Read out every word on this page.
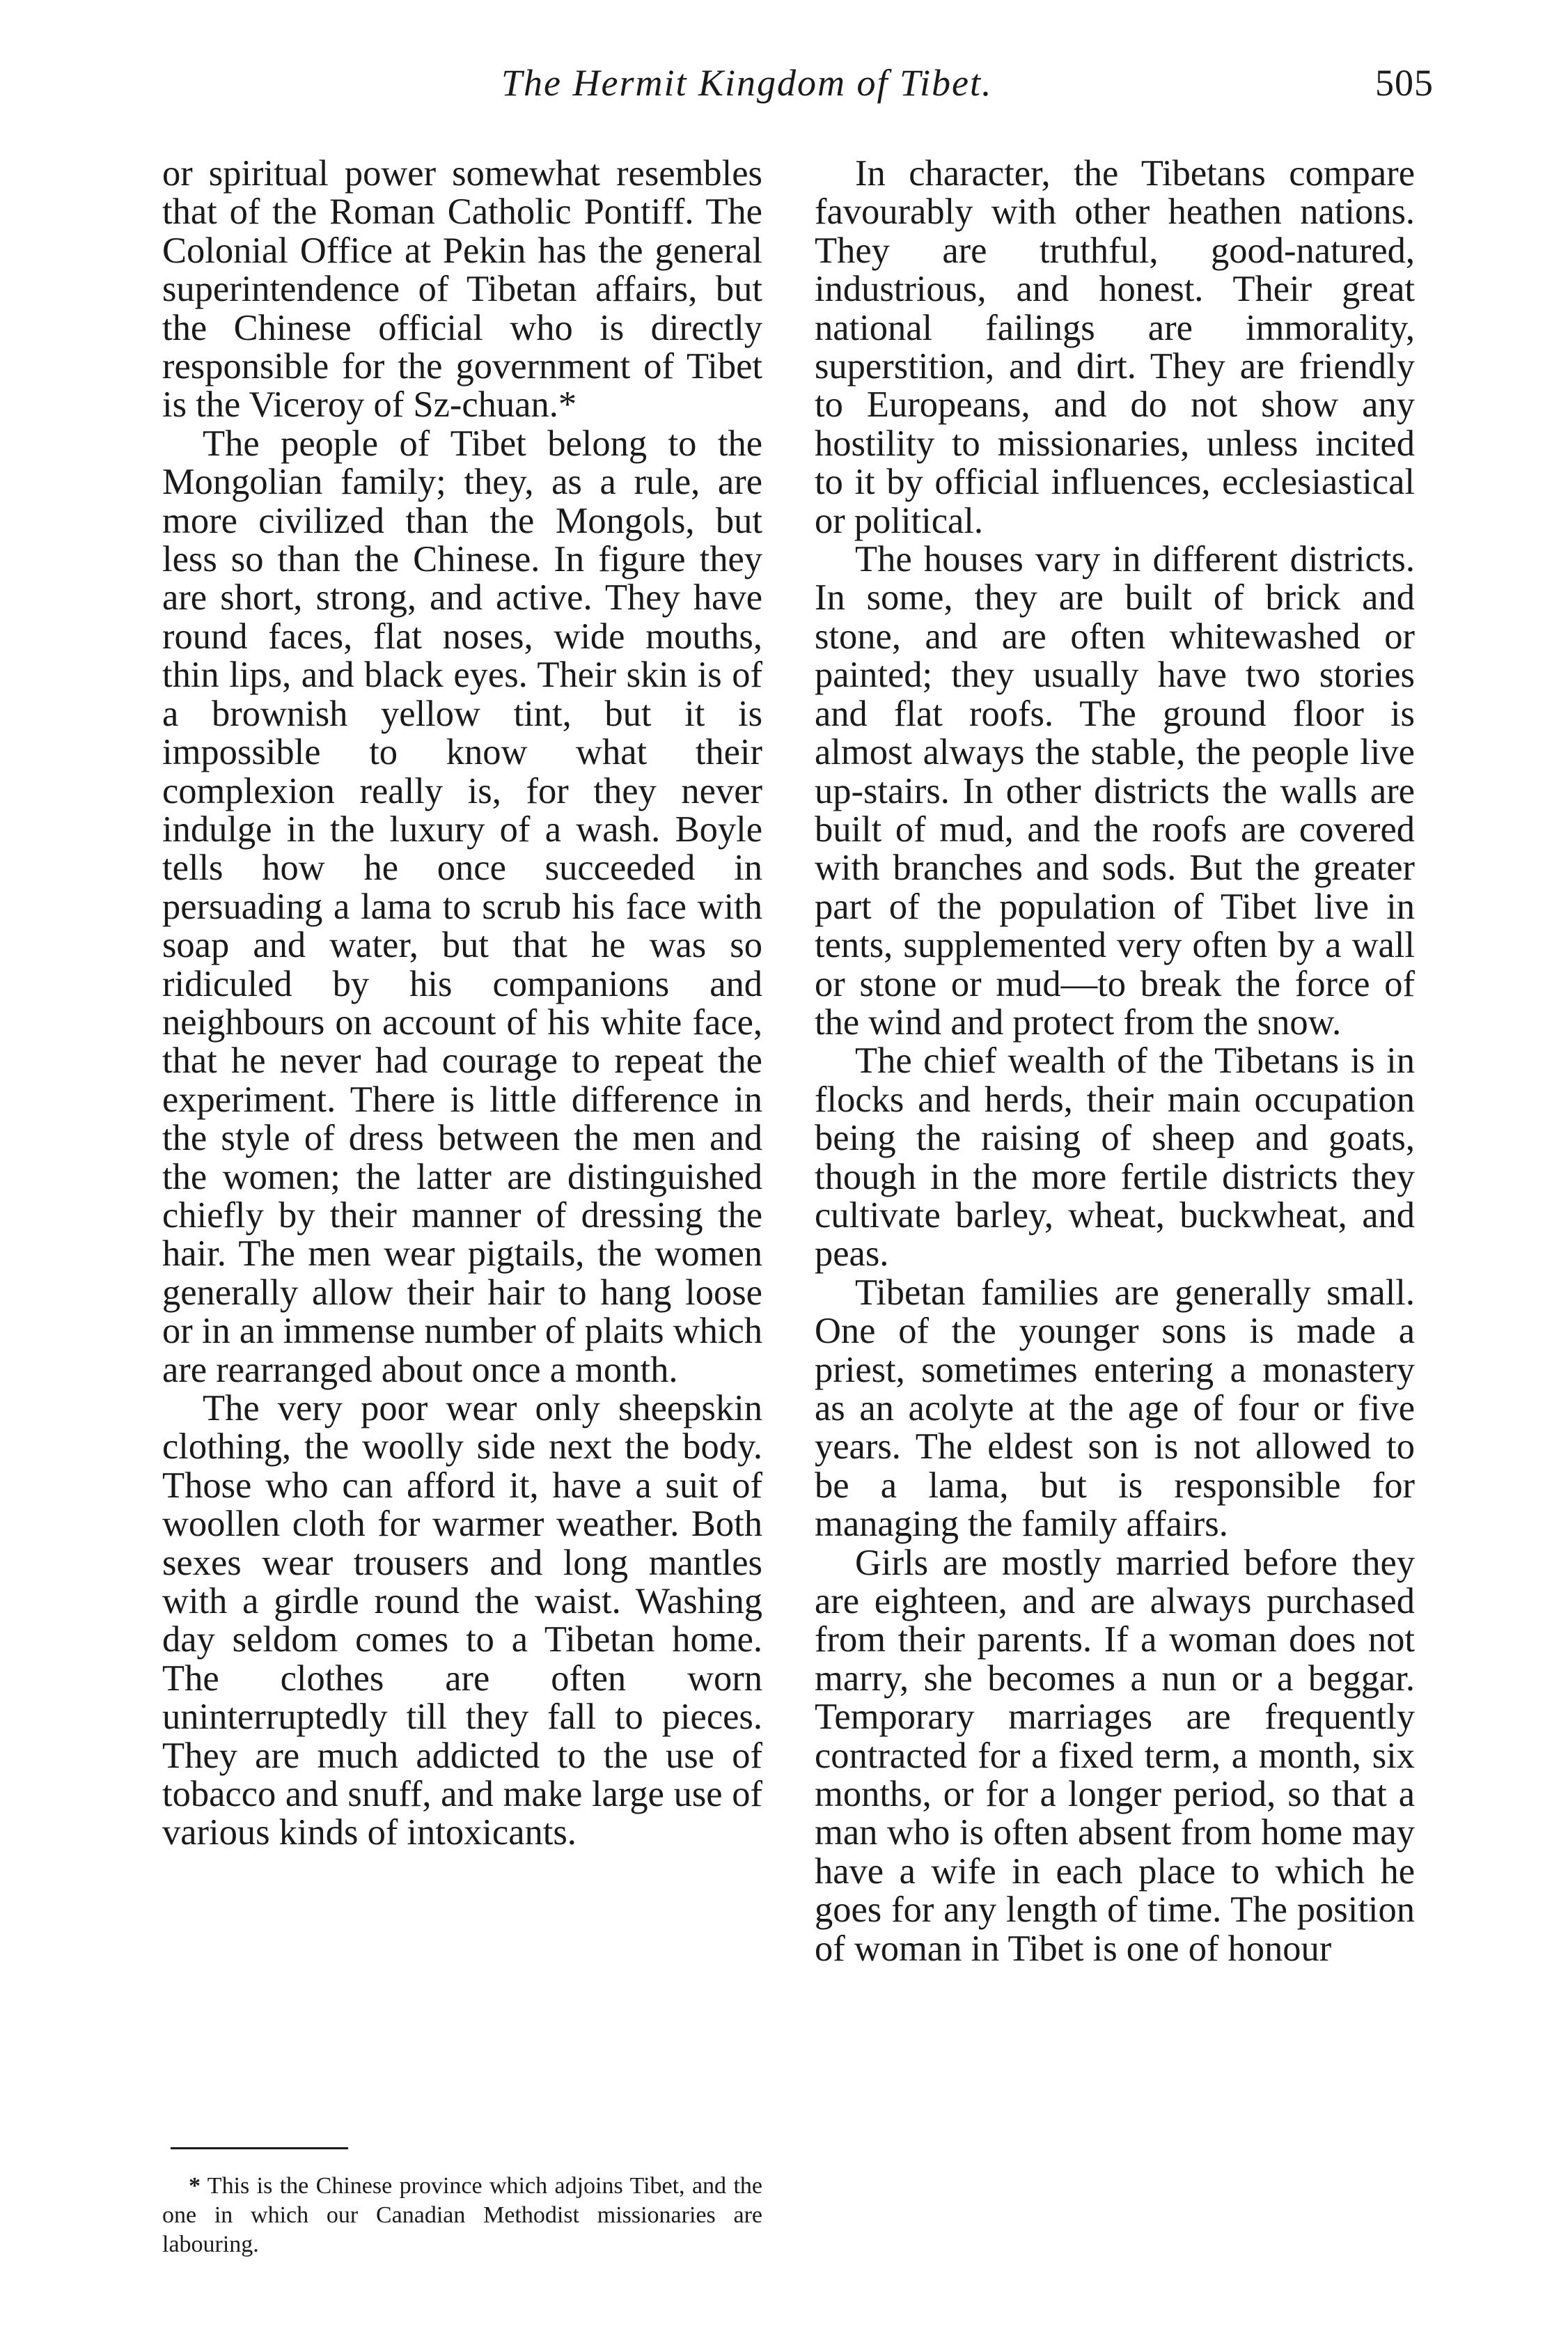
The Hermit Kingdom of Tibet.	505

or spiritual power somewhat resembles that of the Roman Catholic Pontiff. The Colonial Office at Pekin has the general superintendence of Tibetan affairs, but the Chinese official who is directly responsible for the government of Tibet is the Viceroy of Sz-chuan.*

The people of Tibet belong to the Mongolian family; they, as a rule, are more civilized than the Mongols, but less so than the Chinese. In figure they are short, strong, and active. They have round faces, flat noses, wide mouths, thin lips, and black eyes. Their skin is of a brownish yellow tint, but it is impossible to know what their complexion really is, for they never indulge in the luxury of a wash. Boyle tells how he once succeeded in persuading a lama to scrub his face with soap and water, but that he was so ridiculed by his companions and neighbours on account of his white face, that he never had courage to repeat the experiment. There is little difference in the style of dress between the men and the women; the latter are distinguished chiefly by their manner of dressing the hair. The men wear pigtails, the women generally allow their hair to hang loose or in an immense number of plaits which are rearranged about once a month.

The very poor wear only sheepskin clothing, the woolly side next the body. Those who can afford it, have a suit of woollen cloth for warmer weather. Both sexes wear trousers and long mantles with a girdle round the waist. Washing day seldom comes to a Tibetan home. The clothes are often worn uninterruptedly till they fall to pieces. They are much addicted to the use of tobacco and snuff, and make large use of various kinds of intoxicants.

In character, the Tibetans compare favourably with other heathen nations. They are truthful, good-natured, industrious, and honest. Their great national failings are immorality, superstition, and dirt. They are friendly to Europeans, and do not show any hostility to missionaries, unless incited to it by official influences, ecclesiastical or political.

The houses vary in different districts. In some, they are built of brick and stone, and are often whitewashed or painted; they usually have two stories and flat roofs. The ground floor is almost always the stable, the people live up-stairs. In other districts the walls are built of mud, and the roofs are covered with branches and sods. But the greater part of the population of Tibet live in tents, supplemented very often by a wall or stone or mud—to break the force of the wind and protect from the snow.

The chief wealth of the Tibetans is in flocks and herds, their main occupation being the raising of sheep and goats, though in the more fertile districts they cultivate barley, wheat, buckwheat, and peas.

Tibetan families are generally small. One of the younger sons is made a priest, sometimes entering a monastery as an acolyte at the age of four or five years. The eldest son is not allowed to be a lama, but is responsible for managing the family affairs.

Girls are mostly married before they are eighteen, and are always purchased from their parents. If a woman does not marry, she becomes a nun or a beggar. Temporary marriages are frequently contracted for a fixed term, a month, six months, or for a longer period, so that a man who is often absent from home may have a wife in each place to which he goes for any length of time. The position of woman in Tibet is one of honour

* This is the Chinese province which adjoins Tibet, and the one in which our Canadian Methodist missionaries are labouring.
